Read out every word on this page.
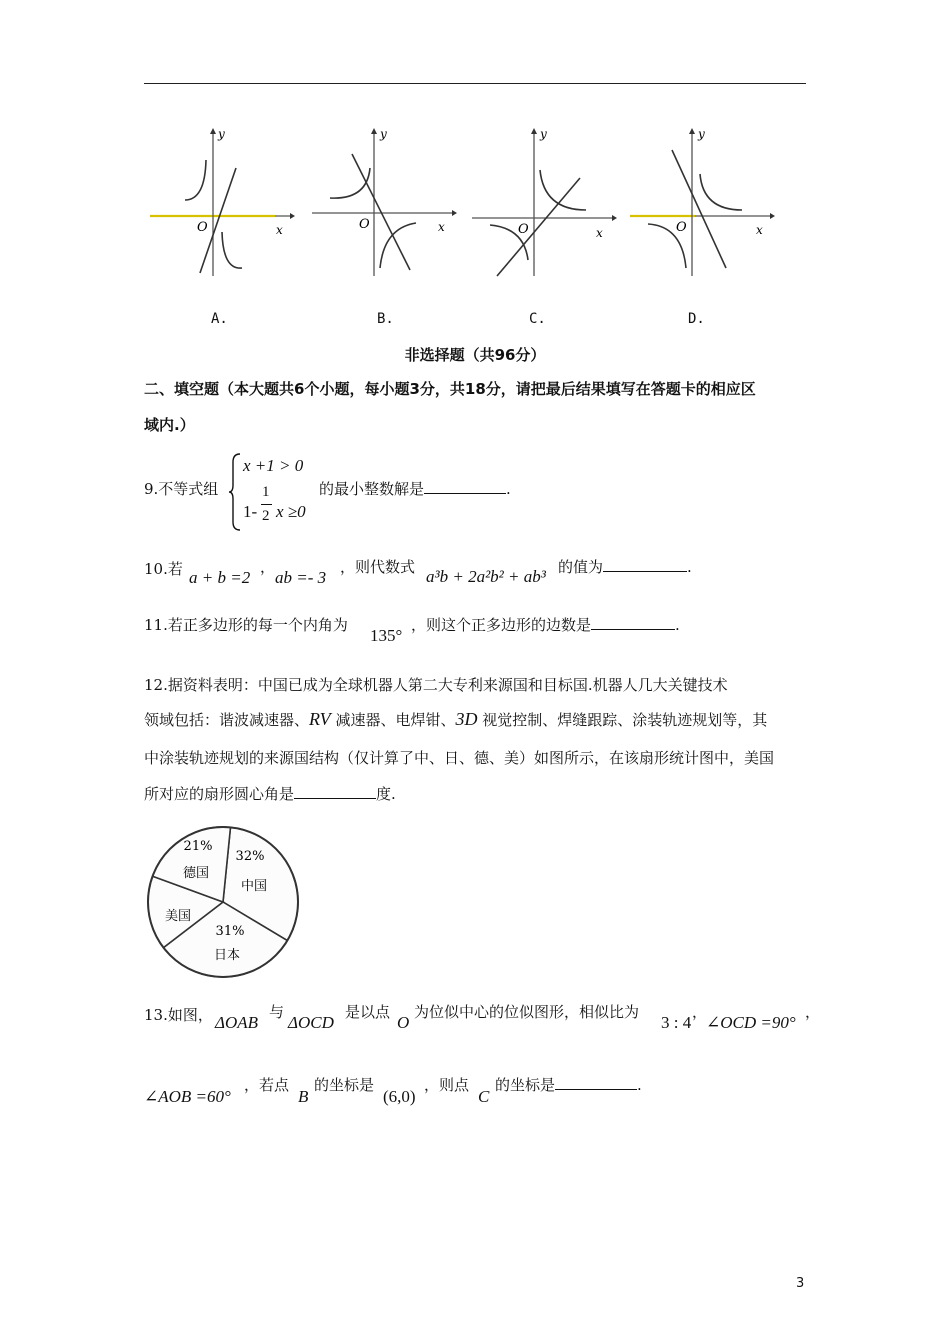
y
O	x
y
O	x
y
O	x
y
O	x
A.	B.	C.	D.
非选择题（共96分）
二、填空题（本大题共6个小题，每小题3分，共18分，请把最后结果填写在答题卡的相应区
域内.）
9.不等式组
x +1 > 0
1-
1
2 x ≥0
的最小整数解是	.
10.若 a + b =2
，
ab =- 3
，则代数式 a³b + 2a²b² + ab³ 的值为	.
11.若正多边形的每一个内角为
135°
，则这个正多边形的边数是	.
12.据资料表明：中国已成为全球机器人第二大专利来源国和目标国.机器人几大关键技术
领域包括：谐波减速器、RV 减速器、电焊钳、3D 视觉控制、焊缝跟踪、涂装轨迹规划等，其
中涂装轨迹规划的来源国结构（仅计算了中、日、德、美）如图所示，在该扇形统计图中，美国
所对应的扇形圆心角是	度.
21%
德国
32%
中国
美国
31%
日本
13.如图， ΔOAB
与
ΔOCD
是以点
O
为位似中心的位似图形，相似比为
3 : 4
，
∠OCD =90°
，
∠AOB =60°
，若点
B
的坐标是
(6,0)
，则点
C
的坐标是	.
3
